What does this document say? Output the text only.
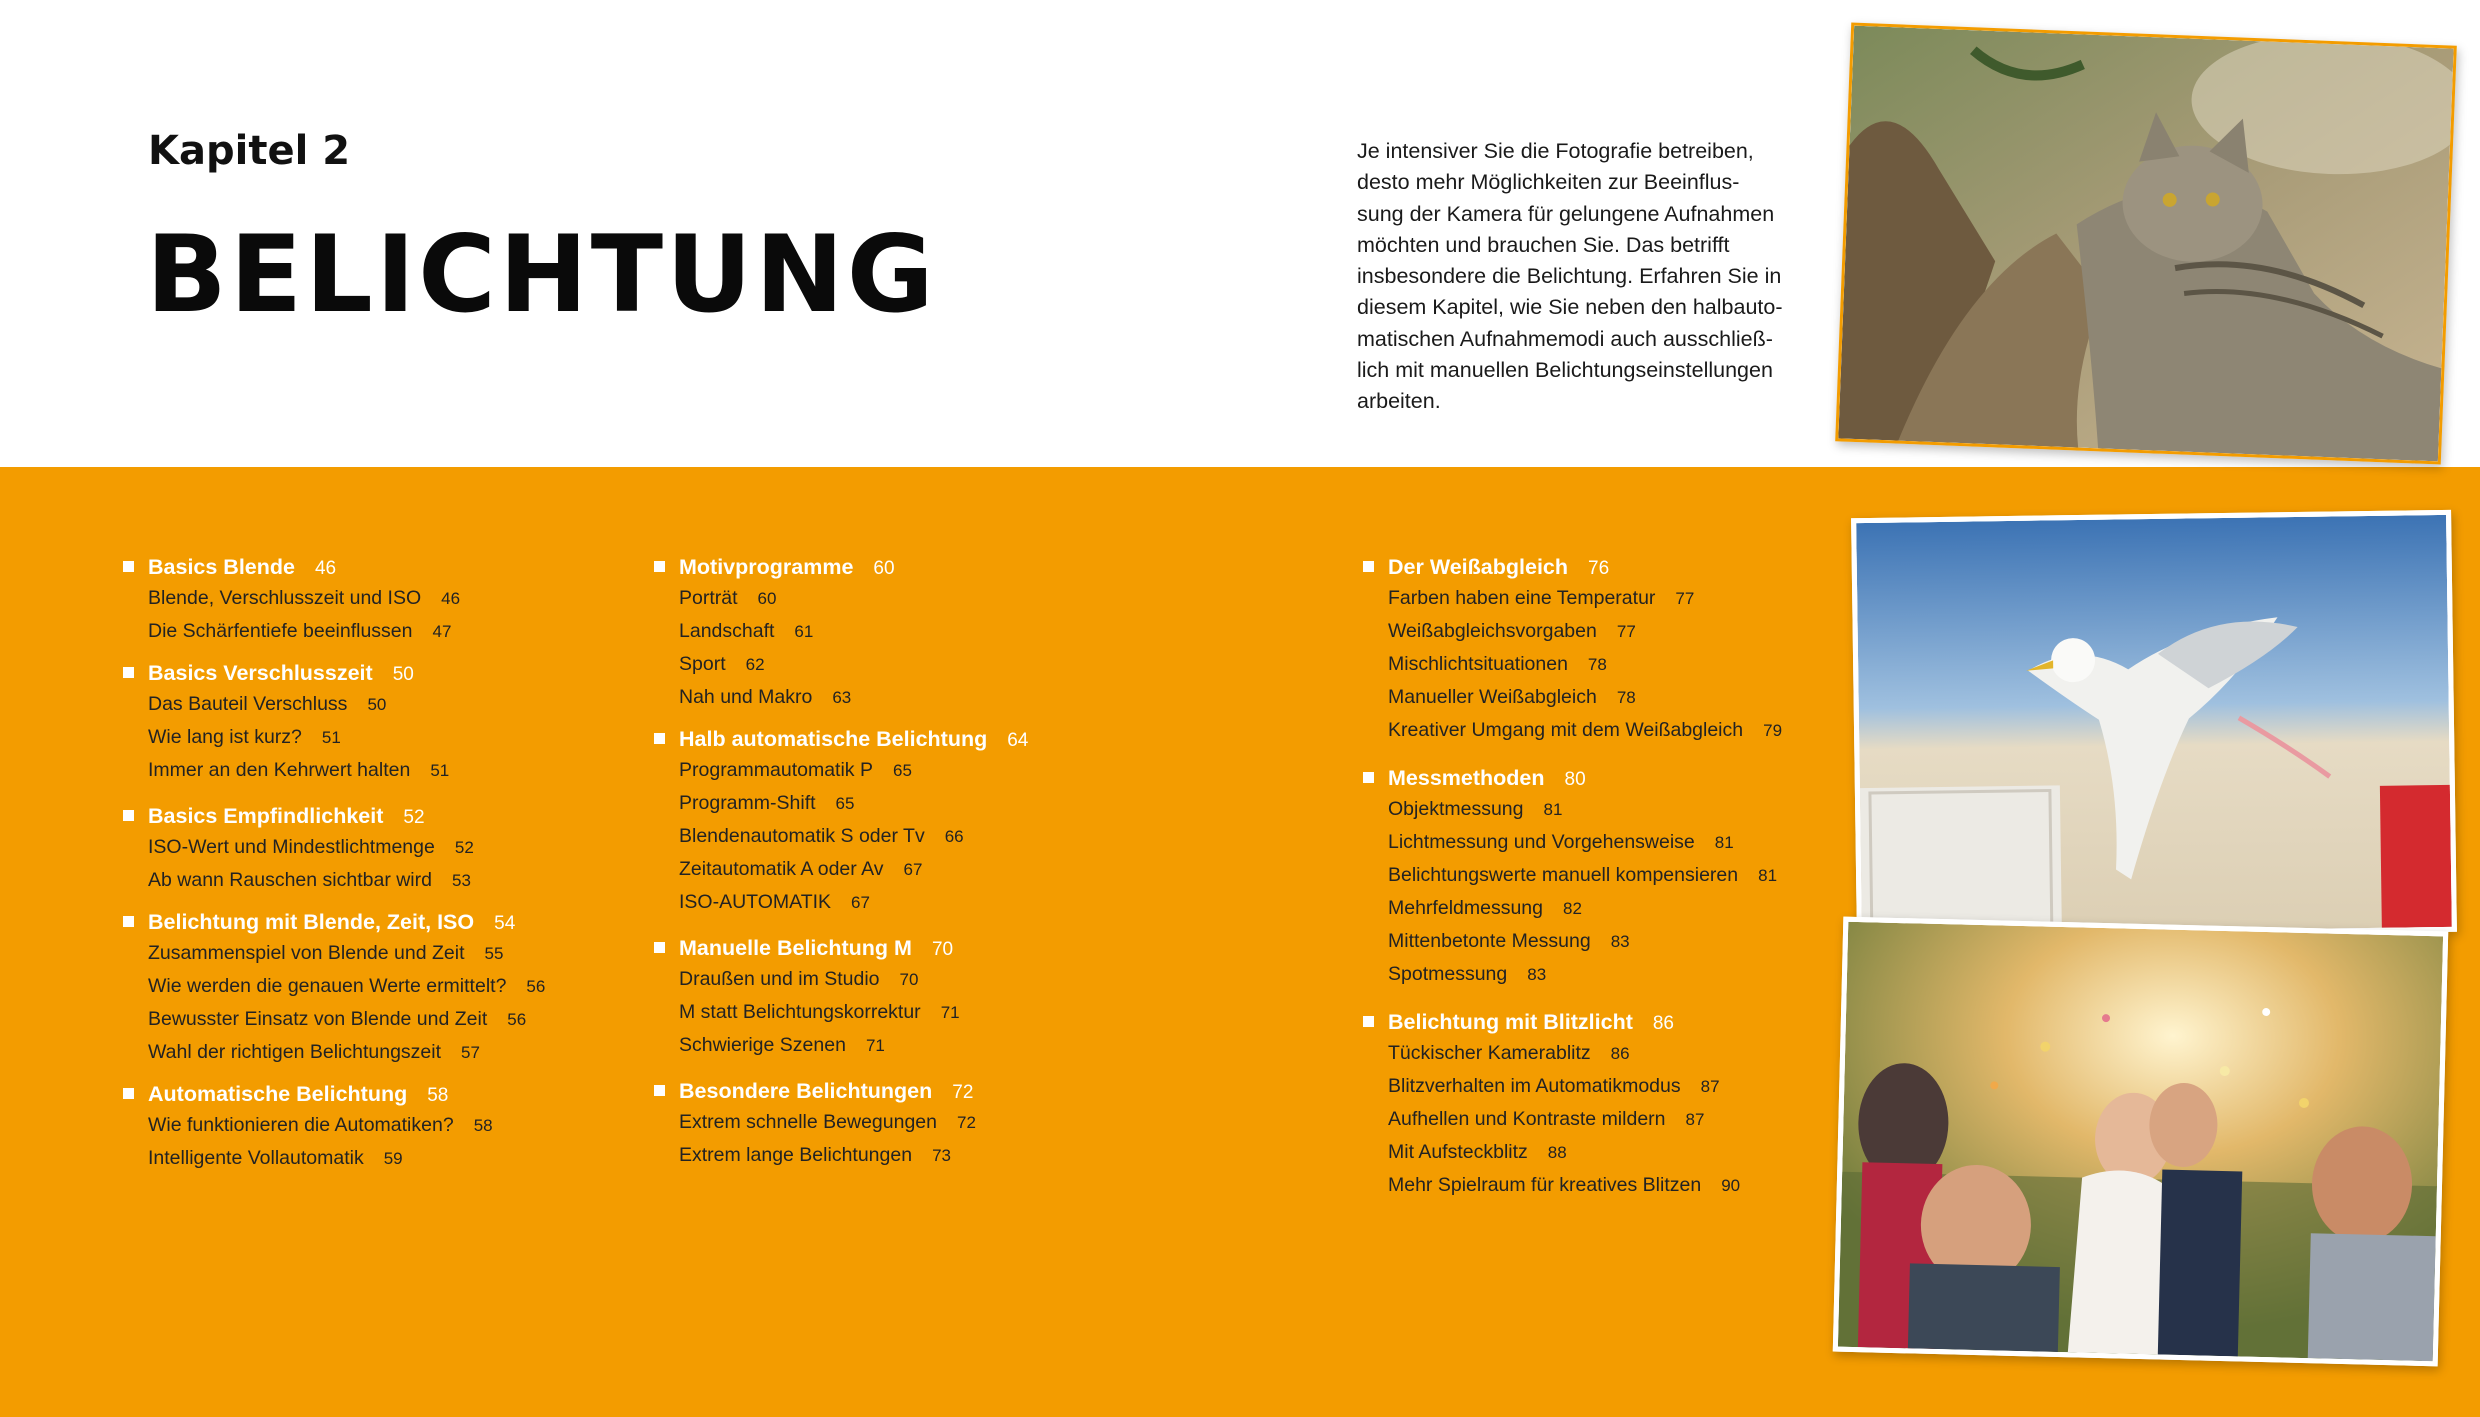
Kapitel 2
BELICHTUNG

Je intensiver Sie die Fotografie betreiben,
desto mehr Möglichkeiten zur Beeinflus-
sung der Kamera für gelungene Aufnahmen
möchten und brauchen Sie. Das betrifft
insbesondere die Belichtung. Erfahren Sie in
diesem Kapitel, wie Sie neben den halbauto-
matischen Aufnahmemodi auch ausschließ-
lich mit manuellen Belichtungseinstellungen
arbeiten.

Basics Blende 46
Blende, Verschlusszeit und ISO 46
Die Schärfentiefe beeinflussen 47
Basics Verschlusszeit 50
Das Bauteil Verschluss 50
Wie lang ist kurz? 51
Immer an den Kehrwert halten 51
Basics Empfindlichkeit 52
ISO-Wert und Mindestlichtmenge 52
Ab wann Rauschen sichtbar wird 53
Belichtung mit Blende, Zeit, ISO 54
Zusammenspiel von Blende und Zeit 55
Wie werden die genauen Werte ermittelt? 56
Bewusster Einsatz von Blende und Zeit 56
Wahl der richtigen Belichtungszeit 57
Automatische Belichtung 58
Wie funktionieren die Automatiken? 58
Intelligente Vollautomatik 59
Motivprogramme 60
Porträt 60
Landschaft 61
Sport 62
Nah und Makro 63
Halb automatische Belichtung 64
Programmautomatik P 65
Programm-Shift 65
Blendenautomatik S oder Tv 66
Zeitautomatik A oder Av 67
ISO-AUTOMATIK 67
Manuelle Belichtung M 70
Draußen und im Studio 70
M statt Belichtungskorrektur 71
Schwierige Szenen 71
Besondere Belichtungen 72
Extrem schnelle Bewegungen 72
Extrem lange Belichtungen 73
Der Weißabgleich 76
Farben haben eine Temperatur 77
Weißabgleichsvorgaben 77
Mischlichtsituationen 78
Manueller Weißabgleich 78
Kreativer Umgang mit dem Weißabgleich 79
Messmethoden 80
Objektmessung 81
Lichtmessung und Vorgehensweise 81
Belichtungswerte manuell kompensieren 81
Mehrfeldmessung 82
Mittenbetonte Messung 83
Spotmessung 83
Belichtung mit Blitzlicht 86
Tückischer Kamerablitz 86
Blitzverhalten im Automatikmodus 87
Aufhellen und Kontraste mildern 87
Mit Aufsteckblitz 88
Mehr Spielraum für kreatives Blitzen 90
